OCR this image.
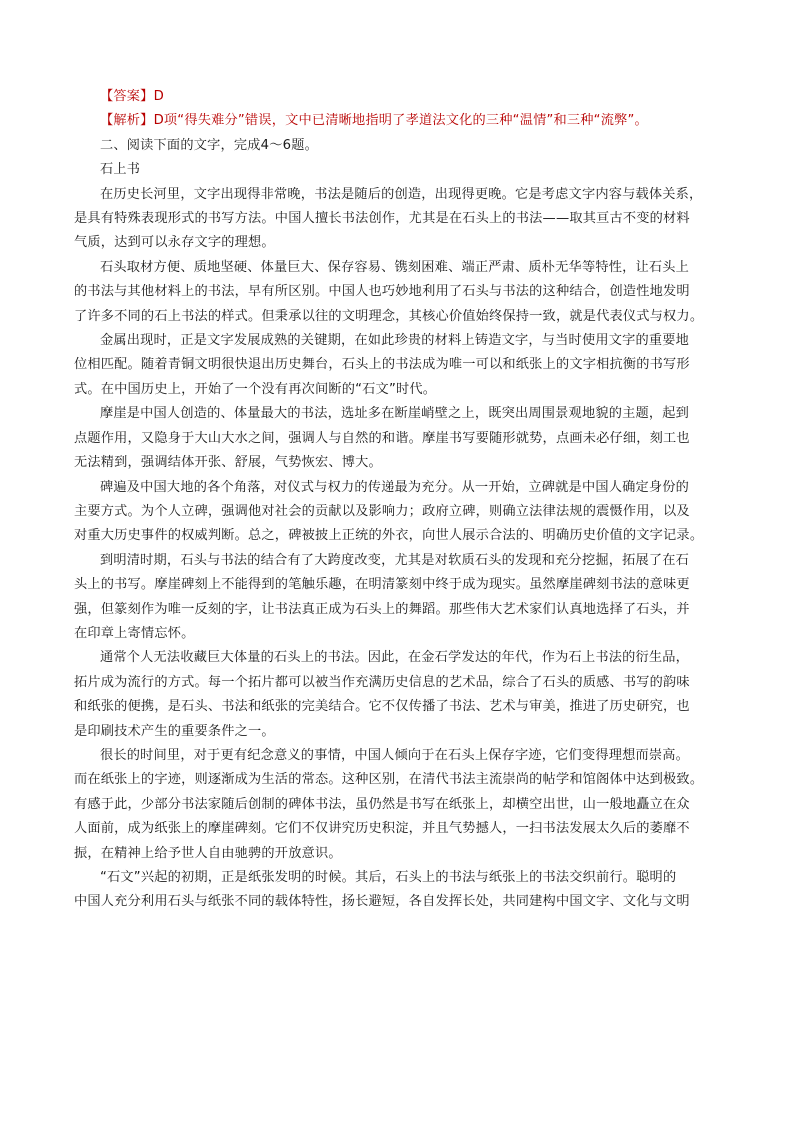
【答案】D
【解析】D项“得失难分”错误，文中已清晰地指明了孝道法文化的三种“温情”和三种“流弊”。
二、阅读下面的文字，完成4～6题。
石上书
在历史长河里，文字出现得非常晚，书法是随后的创造，出现得更晚。它是考虑文字内容与载体关系，
是具有特殊表现形式的书写方法。中国人擅长书法创作，尤其是在石头上的书法——取其亘古不变的材料
气质，达到可以永存文字的理想。
石头取材方便、质地坚硬、体量巨大、保存容易、镌刻困难、端正严肃、质朴无华等特性，让石头上
的书法与其他材料上的书法，早有所区别。中国人也巧妙地利用了石头与书法的这种结合，创造性地发明
了许多不同的石上书法的样式。但秉承以往的文明理念，其核心价值始终保持一致，就是代表仪式与权力。
金属出现时，正是文字发展成熟的关键期，在如此珍贵的材料上铸造文字，与当时使用文字的重要地
位相匹配。随着青铜文明很快退出历史舞台，石头上的书法成为唯一可以和纸张上的文字相抗衡的书写形
式。在中国历史上，开始了一个没有再次间断的“石文”时代。
摩崖是中国人创造的、体量最大的书法，选址多在断崖峭壁之上，既突出周围景观地貌的主题，起到
点题作用，又隐身于大山大水之间，强调人与自然的和谐。摩崖书写要随形就势，点画未必仔细，刻工也
无法精到，强调结体开张、舒展，气势恢宏、博大。
碑遍及中国大地的各个角落，对仪式与权力的传递最为充分。从一开始，立碑就是中国人确定身份的
主要方式。为个人立碑，强调他对社会的贡献以及影响力；政府立碑，则确立法律法规的震慑作用，以及
对重大历史事件的权威判断。总之，碑被披上正统的外衣，向世人展示合法的、明确历史价值的文字记录。
到明清时期，石头与书法的结合有了大跨度改变，尤其是对软质石头的发现和充分挖掘，拓展了在石
头上的书写。摩崖碑刻上不能得到的笔触乐趣，在明清篆刻中终于成为现实。虽然摩崖碑刻书法的意味更
强，但篆刻作为唯一反刻的字，让书法真正成为石头上的舞蹈。那些伟大艺术家们认真地选择了石头，并
在印章上寄情忘怀。
通常个人无法收藏巨大体量的石头上的书法。因此，在金石学发达的年代，作为石上书法的衍生品，
拓片成为流行的方式。每一个拓片都可以被当作充满历史信息的艺术品，综合了石头的质感、书写的韵味
和纸张的便携，是石头、书法和纸张的完美结合。它不仅传播了书法、艺术与审美，推进了历史研究，也
是印刷技术产生的重要条件之一。
很长的时间里，对于更有纪念意义的事情，中国人倾向于在石头上保存字迹，它们变得理想而崇高。
而在纸张上的字迹，则逐渐成为生活的常态。这种区别，在清代书法主流崇尚的帖学和馆阁体中达到极致。
有感于此，少部分书法家随后创制的碑体书法，虽仍然是书写在纸张上，却横空出世，山一般地矗立在众
人面前，成为纸张上的摩崖碑刻。它们不仅讲究历史积淀，并且气势撼人，一扫书法发展太久后的萎靡不
振，在精神上给予世人自由驰骋的开放意识。
“石文”兴起的初期，正是纸张发明的时候。其后，石头上的书法与纸张上的书法交织前行。聪明的
中国人充分利用石头与纸张不同的载体特性，扬长避短，各自发挥长处，共同建构中国文字、文化与文明
